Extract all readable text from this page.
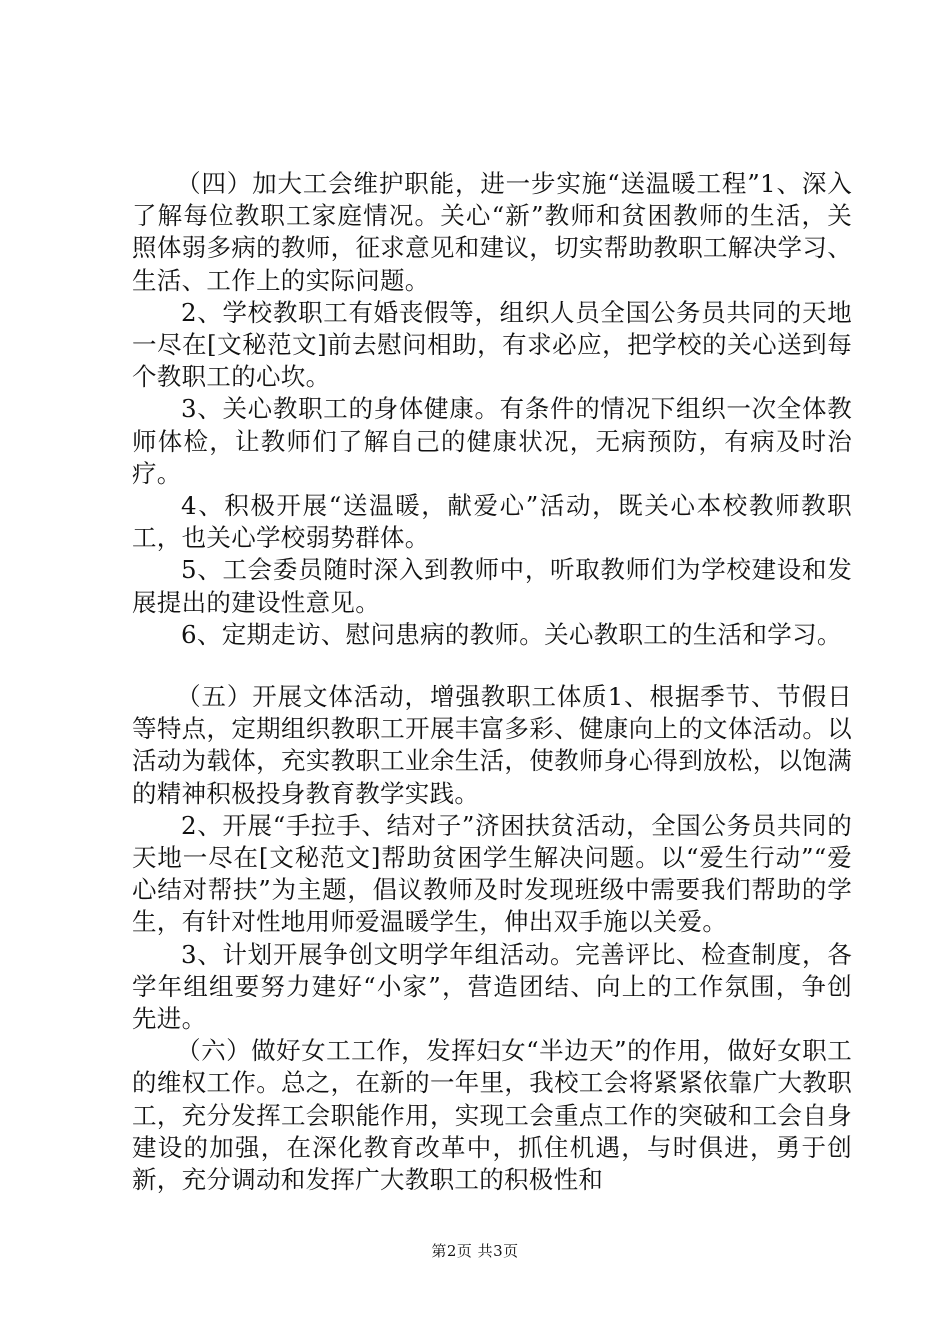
（四）加大工会维护职能，进一步实施“送温暖工程”1、深入了解每位教职工家庭情况。关心“新”教师和贫困教师的生活，关照体弱多病的教师，征求意见和建议，切实帮助教职工解决学习、生活、工作上的实际问题。

2、学校教职工有婚丧假等，组织人员全国公务员共同的天地一尽在[文秘范文]前去慰问相助，有求必应，把学校的关心送到每个教职工的心坎。

3、关心教职工的身体健康。有条件的情况下组织一次全体教师体检，让教师们了解自己的健康状况，无病预防，有病及时治疗。

4、积极开展“送温暖，献爱心”活动，既关心本校教师教职工，也关心学校弱势群体。

5、工会委员随时深入到教师中，听取教师们为学校建设和发展提出的建设性意见。

6、定期走访、慰问患病的教师。关心教职工的生活和学习。

（五）开展文体活动，增强教职工体质1、根据季节、节假日等特点，定期组织教职工开展丰富多彩、健康向上的文体活动。以活动为载体，充实教职工业余生活，使教师身心得到放松，以饱满的精神积极投身教育教学实践。

2、开展“手拉手、结对子”济困扶贫活动，全国公务员共同的天地一尽在[文秘范文]帮助贫困学生解决问题。以“爱生行动”“爱心结对帮扶”为主题，倡议教师及时发现班级中需要我们帮助的学生，有针对性地用师爱温暖学生，伸出双手施以关爱。

3、计划开展争创文明学年组活动。完善评比、检查制度，各学年组组要努力建好“小家”，营造团结、向上的工作氛围，争创先进。

（六）做好女工工作，发挥妇女“半边天”的作用，做好女职工的维权工作。总之，在新的一年里，我校工会将紧紧依靠广大教职工，充分发挥工会职能作用，实现工会重点工作的突破和工会自身建设的加强，在深化教育改革中，抓住机遇，与时俱进，勇于创新，充分调动和发挥广大教职工的积极性和

第2页 共3页
